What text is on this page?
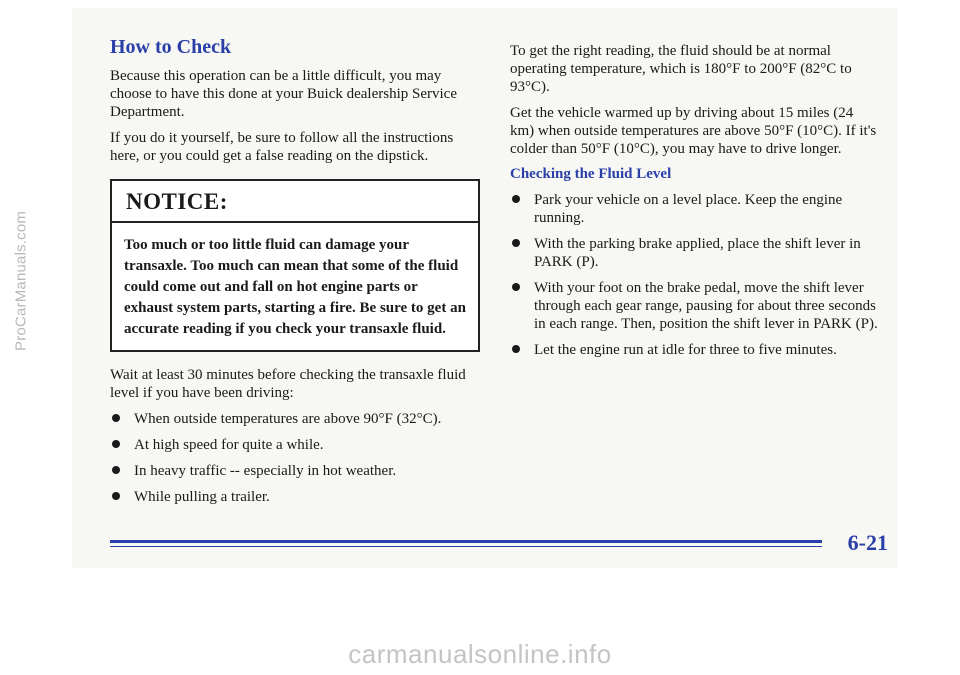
ProCarManuals.com
How to Check

Because this operation can be a little difficult, you may choose to have this done at your Buick dealership Service Department.

If you do it yourself, be sure to follow all the instructions here, or you could get a false reading on the dipstick.

NOTICE:
Too much or too little fluid can damage your transaxle. Too much can mean that some of the fluid could come out and fall on hot engine parts or exhaust system parts, starting a fire. Be sure to get an accurate reading if you check your transaxle fluid.

Wait at least 30 minutes before checking the transaxle fluid level if you have been driving:

When outside temperatures are above 90°F (32°C).
At high speed for quite a while.
In heavy traffic -- especially in hot weather.
While pulling a trailer.

To get the right reading, the fluid should be at normal operating temperature, which is 180°F to 200°F (82°C to 93°C).

Get the vehicle warmed up by driving about 15 miles (24 km) when outside temperatures are above 50°F (10°C). If it's colder than 50°F (10°C), you may have to drive longer.

Checking the Fluid Level
Park your vehicle on a level place. Keep the engine running.
With the parking brake applied, place the shift lever in PARK (P).
With your foot on the brake pedal, move the shift lever through each gear range, pausing for about three seconds in each range. Then, position the shift lever in PARK (P).
Let the engine run at idle for three to five minutes.
6-21
carmanualsonline.info
